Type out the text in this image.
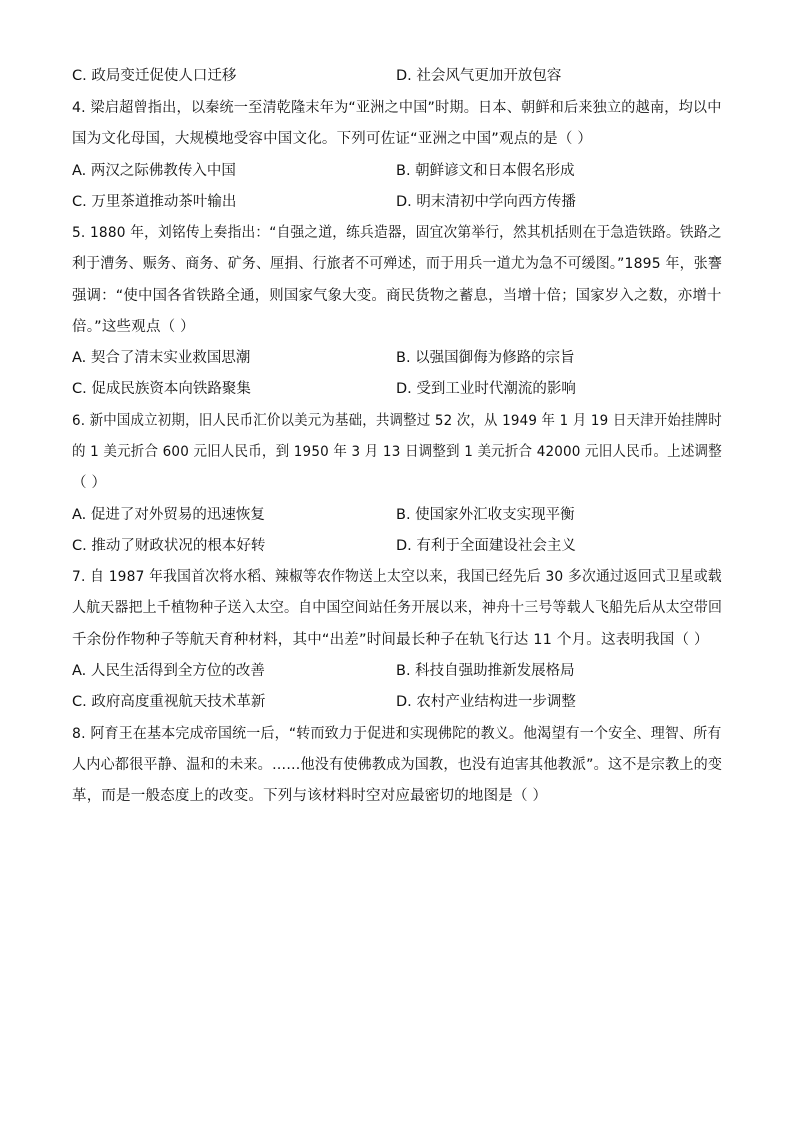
C. 政局变迁促使人口迁移	D. 社会风气更加开放包容
4. 梁启超曾指出，以秦统一至清乾隆末年为“亚洲之中国”时期。日本、朝鲜和后来独立的越南，均以中
国为文化母国，大规模地受容中国文化。下列可佐证“亚洲之中国”观点的是（ ）
A. 两汉之际佛教传入中国	B. 朝鲜谚文和日本假名形成
C. 万里茶道推动茶叶输出	D. 明末清初中学向西方传播
5. 1880 年，刘铭传上奏指出：“自强之道，练兵造器，固宜次第举行，然其机括则在于急造铁路。铁路之
利于漕务、赈务、商务、矿务、厘捐、行旅者不可殚述，而于用兵一道尤为急不可缓图。”1895 年，张謇
强调：“使中国各省铁路全通，则国家气象大变。商民货物之蓄息，当增十倍；国家岁入之数，亦增十
倍。”这些观点（ ）
A. 契合了清末实业救国思潮	B. 以强国御侮为修路的宗旨
C. 促成民族资本向铁路聚集	D. 受到工业时代潮流的影响
6. 新中国成立初期，旧人民币汇价以美元为基础，共调整过 52 次，从 1949 年 1 月 19 日天津开始挂牌时
的 1 美元折合 600 元旧人民币，到 1950 年 3 月 13 日调整到 1 美元折合 42000 元旧人民币。上述调整
（ ）
A. 促进了对外贸易的迅速恢复	B. 使国家外汇收支实现平衡
C. 推动了财政状况的根本好转	D. 有利于全面建设社会主义
7. 自 1987 年我国首次将水稻、辣椒等农作物送上太空以来，我国已经先后 30 多次通过返回式卫星或载
人航天器把上千植物种子送入太空。自中国空间站任务开展以来，神舟十三号等载人飞船先后从太空带回
千余份作物种子等航天育种材料，其中“出差”时间最长种子在轨飞行达 11 个月。这表明我国（ ）
A. 人民生活得到全方位的改善	B. 科技自强助推新发展格局
C. 政府高度重视航天技术革新	D. 农村产业结构进一步调整
8. 阿育王在基本完成帝国统一后，“转而致力于促进和实现佛陀的教义。他渴望有一个安全、理智、所有
人内心都很平静、温和的未来。……他没有使佛教成为国教，也没有迫害其他教派”。这不是宗教上的变
革，而是一般态度上的改变。下列与该材料时空对应最密切的地图是（ ）
